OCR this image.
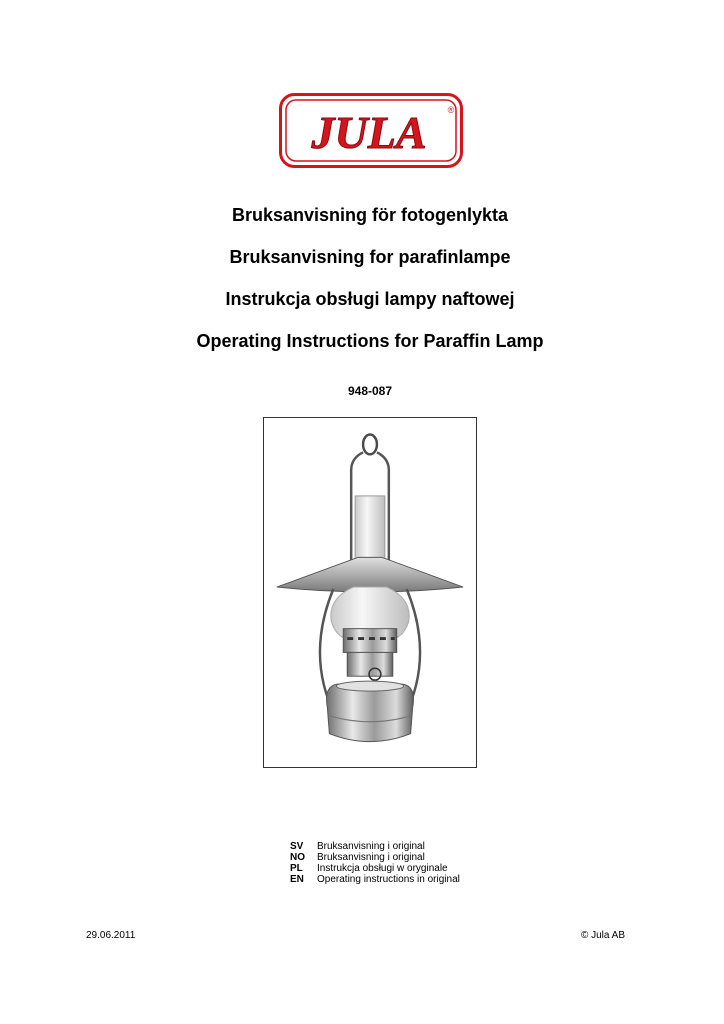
JULA ®

Bruksanvisning för fotogenlykta

Bruksanvisning for parafinlampe

Instrukcja obsługi lampy naftowej

Operating Instructions for Paraffin Lamp

948-087
SV	Bruksanvisning i original
NO	Bruksanvisning i original
PL	Instrukcja obsługi w oryginale
EN	Operating instructions in original
29.06.2011	© Jula AB
